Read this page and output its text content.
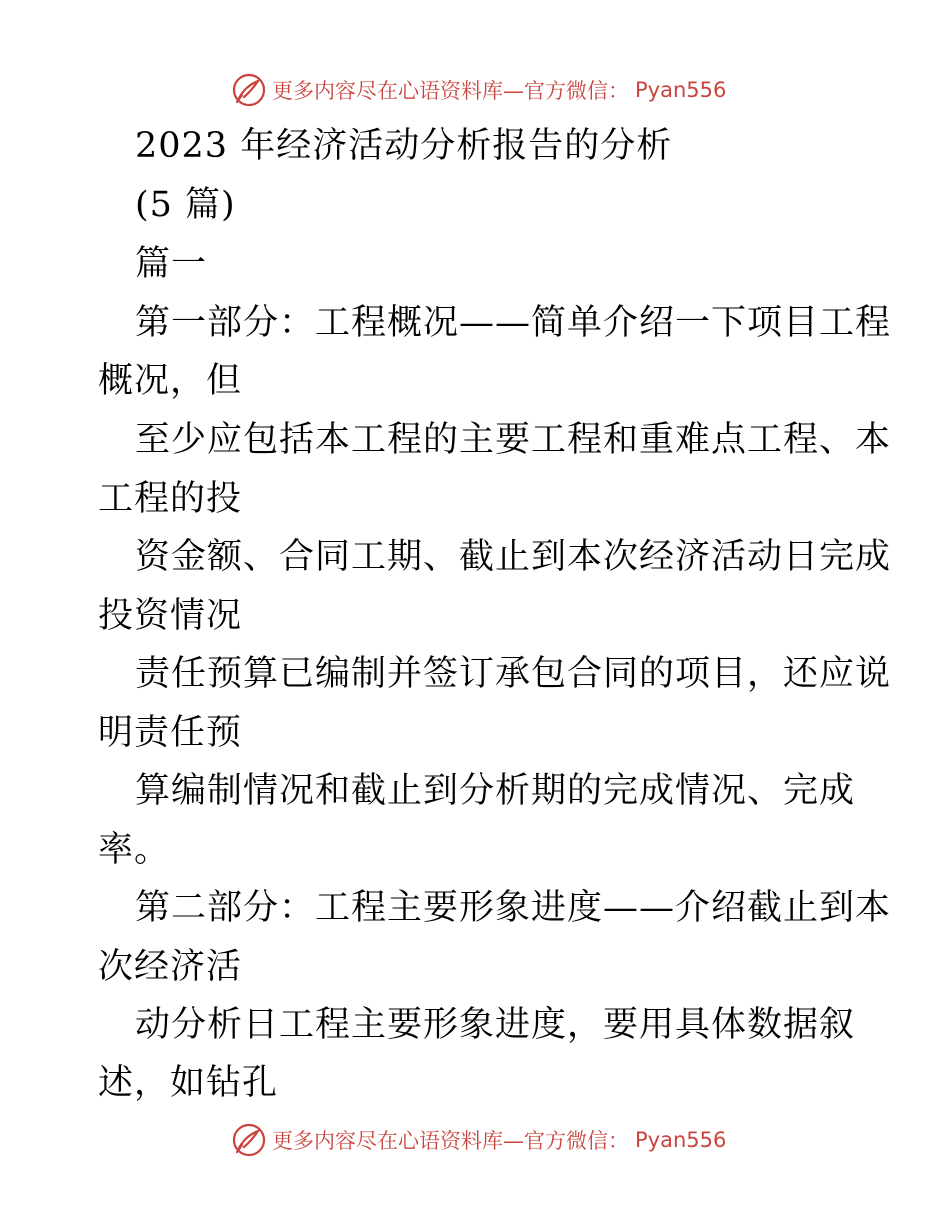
更多内容尽在心语资料库—官方微信： Pyan556
2023 年经济活动分析报告的分析
(5 篇)
篇一
第一部分：工程概况——简单介绍一下项目工程
概况，但
至少应包括本工程的主要工程和重难点工程、本
工程的投
资金额、合同工期、截止到本次经济活动日完成
投资情况
责任预算已编制并签订承包合同的项目，还应说
明责任预
算编制情况和截止到分析期的完成情况、完成
率。
第二部分：工程主要形象进度——介绍截止到本
次经济活
动分析日工程主要形象进度，要用具体数据叙
述，如钻孔
更多内容尽在心语资料库—官方微信： Pyan556
